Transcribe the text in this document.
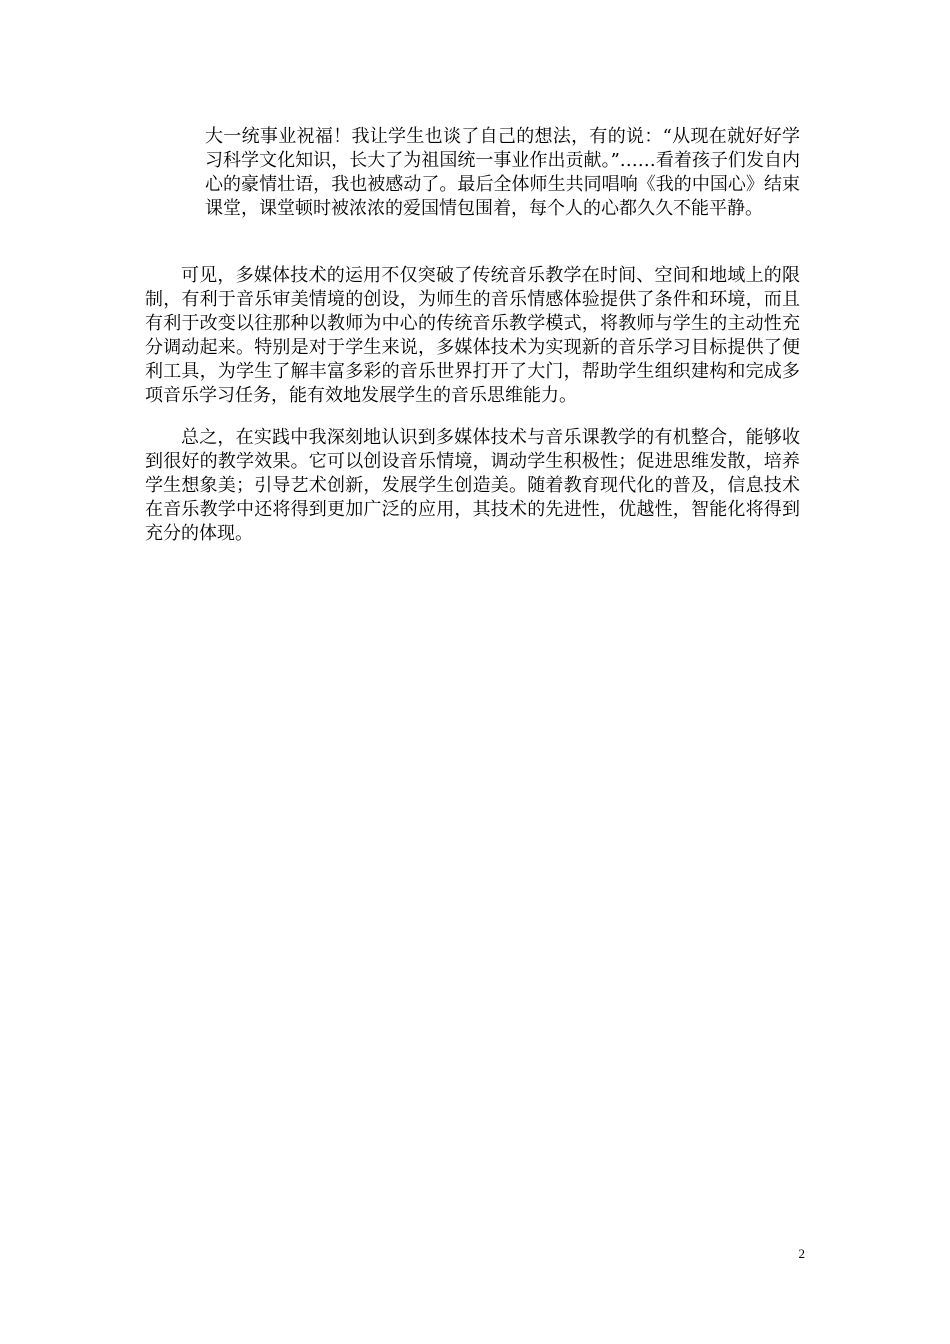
大一统事业祝福！我让学生也谈了自己的想法，有的说：“从现在就好好学习科学文化知识，长大了为祖国统一事业作出贡献。”……看着孩子们发自内心的豪情壮语，我也被感动了。最后全体师生共同唱响《我的中国心》结束课堂，课堂顿时被浓浓的爱国情包围着，每个人的心都久久不能平静。

可见，多媒体技术的运用不仅突破了传统音乐教学在时间、空间和地域上的限制，有利于音乐审美情境的创设，为师生的音乐情感体验提供了条件和环境，而且有利于改变以往那种以教师为中心的传统音乐教学模式，将教师与学生的主动性充分调动起来。特别是对于学生来说，多媒体技术为实现新的音乐学习目标提供了便利工具，为学生了解丰富多彩的音乐世界打开了大门，帮助学生组织建构和完成多项音乐学习任务，能有效地发展学生的音乐思维能力。

总之，在实践中我深刻地认识到多媒体技术与音乐课教学的有机整合，能够收到很好的教学效果。它可以创设音乐情境，调动学生积极性；促进思维发散，培养学生想象美；引导艺术创新，发展学生创造美。随着教育现代化的普及，信息技术在音乐教学中还将得到更加广泛的应用，其技术的先进性，优越性，智能化将得到充分的体现。

2
